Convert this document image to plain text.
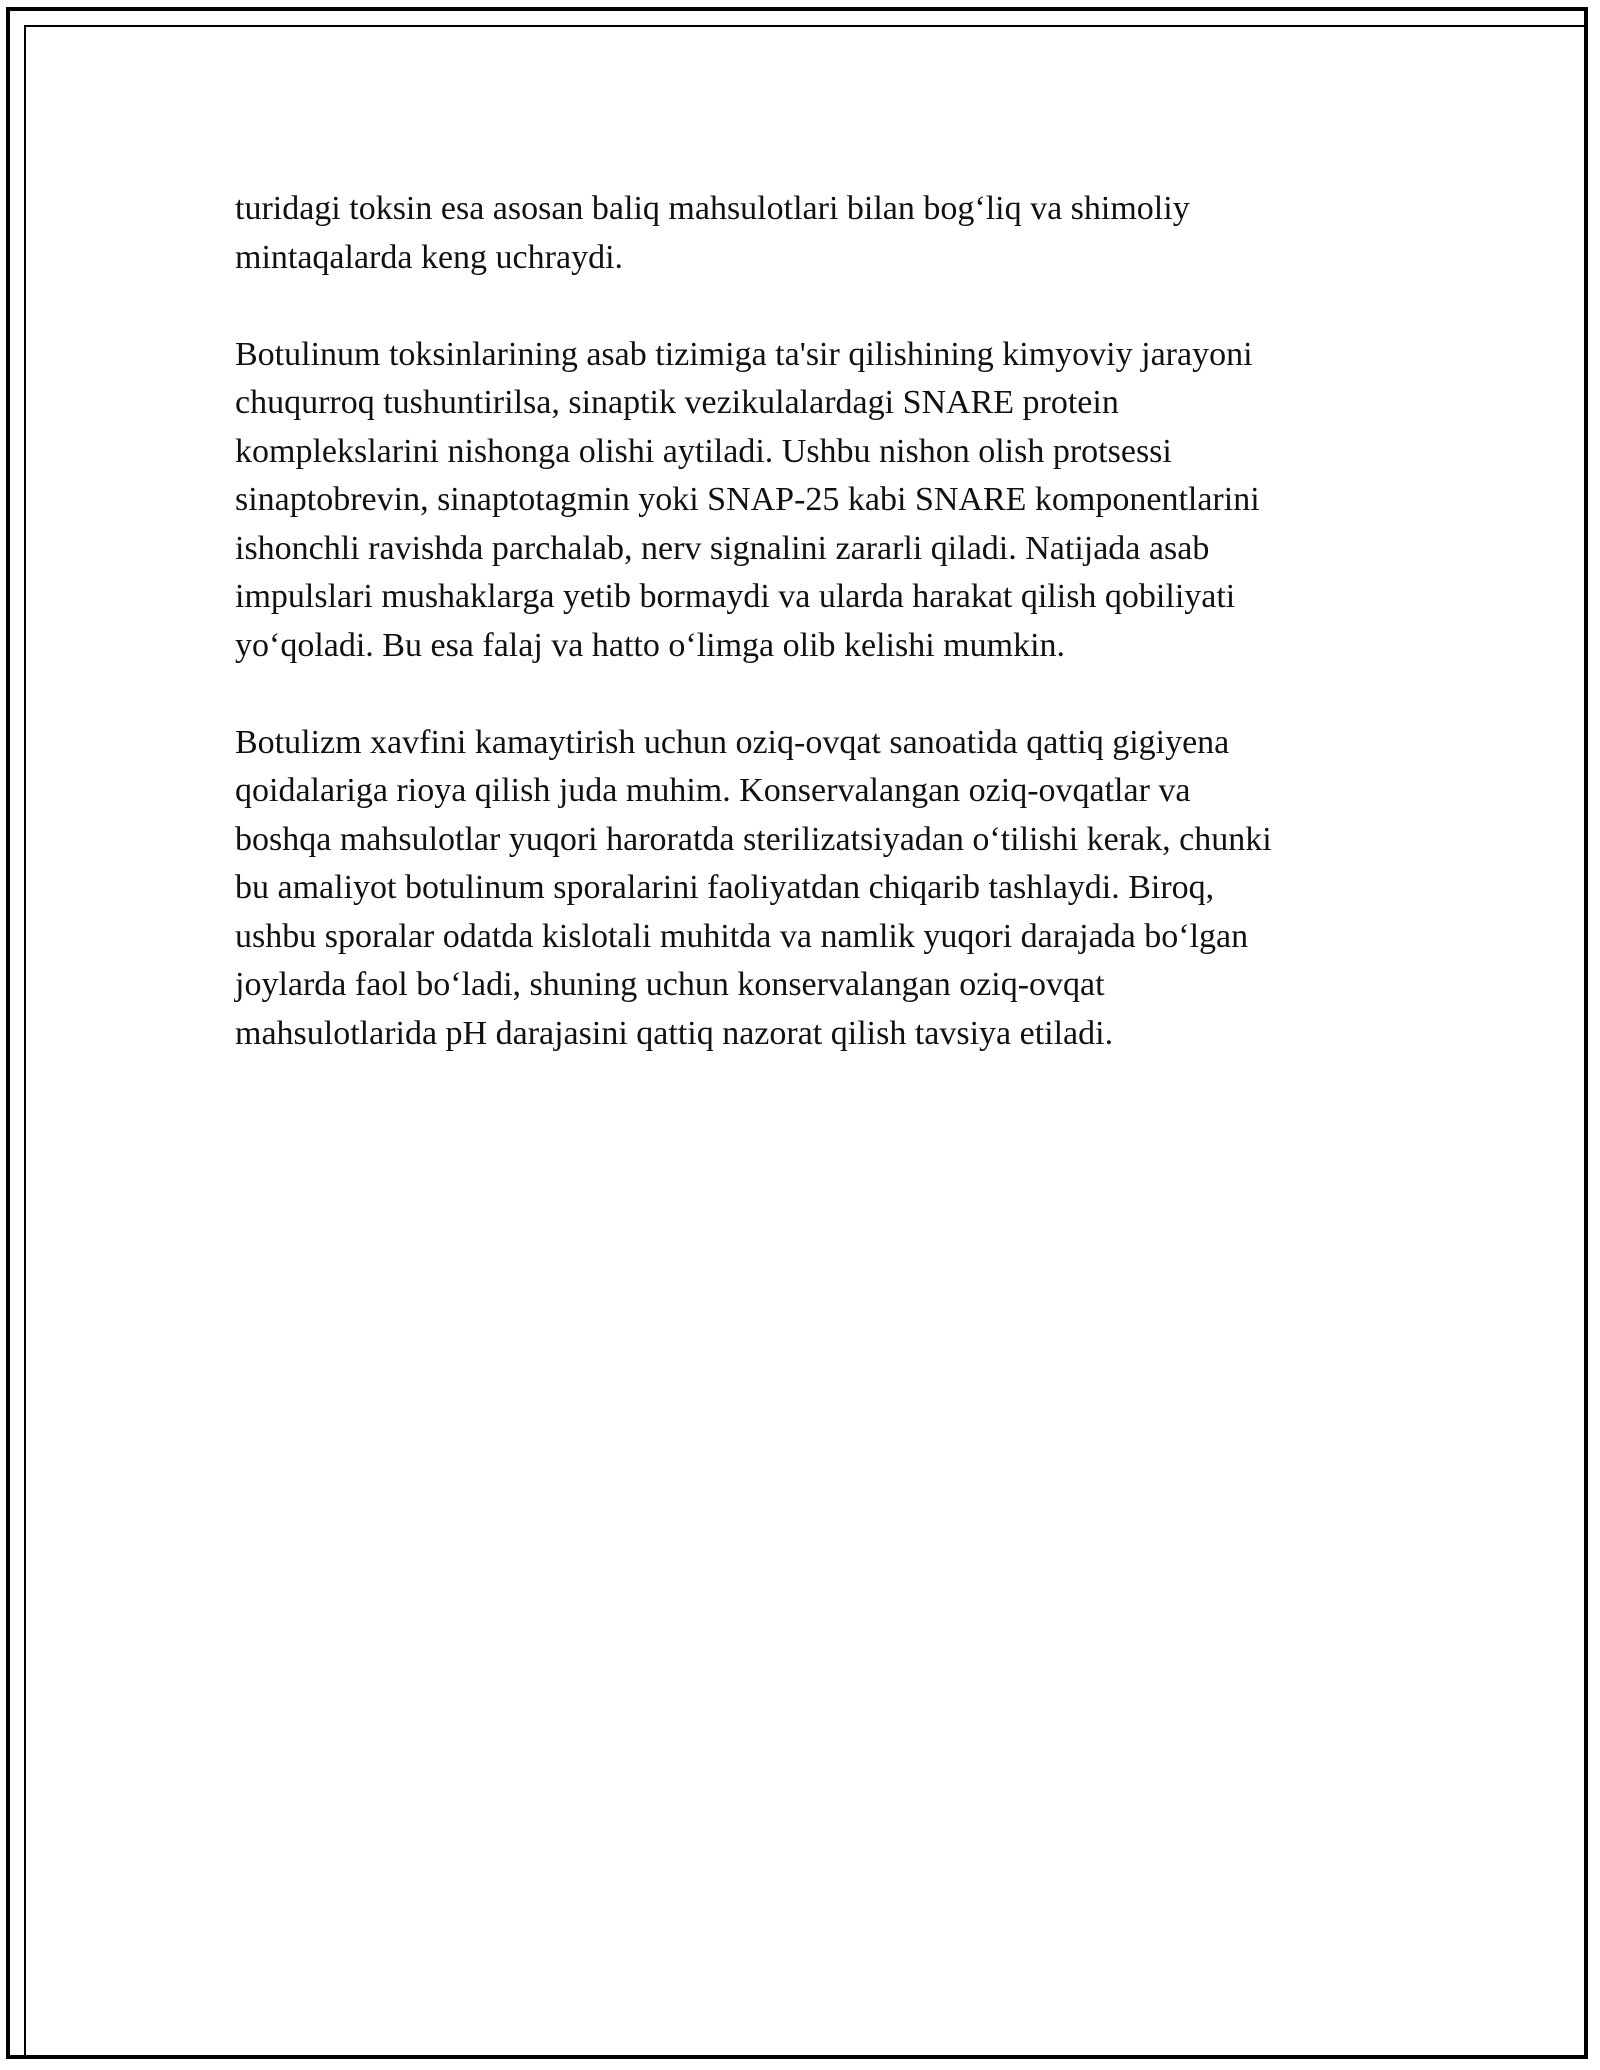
turidagi toksin esa asosan baliq mahsulotlari bilan bog‘liq va shimoliy
mintaqalarda keng uchraydi.

Botulinum toksinlarining asab tizimiga ta'sir qilishining kimyoviy jarayoni
chuqurroq tushuntirilsa, sinaptik vezikulalardagi SNARE protein
komplekslarini nishonga olishi aytiladi. Ushbu nishon olish protsessi
sinaptobrevin, sinaptotagmin yoki SNAP-25 kabi SNARE komponentlarini
ishonchli ravishda parchalab, nerv signalini zararli qiladi. Natijada asab
impulslari mushaklarga yetib bormaydi va ularda harakat qilish qobiliyati
yo‘qoladi. Bu esa falaj va hatto o‘limga olib kelishi mumkin.

Botulizm xavfini kamaytirish uchun oziq-ovqat sanoatida qattiq gigiyena
qoidalariga rioya qilish juda muhim. Konservalangan oziq-ovqatlar va
boshqa mahsulotlar yuqori haroratda sterilizatsiyadan o‘tilishi kerak, chunki
bu amaliyot botulinum sporalarini faoliyatdan chiqarib tashlaydi. Biroq,
ushbu sporalar odatda kislotali muhitda va namlik yuqori darajada bo‘lgan
joylarda faol bo‘ladi, shuning uchun konservalangan oziq-ovqat
mahsulotlarida pH darajasini qattiq nazorat qilish tavsiya etiladi.
